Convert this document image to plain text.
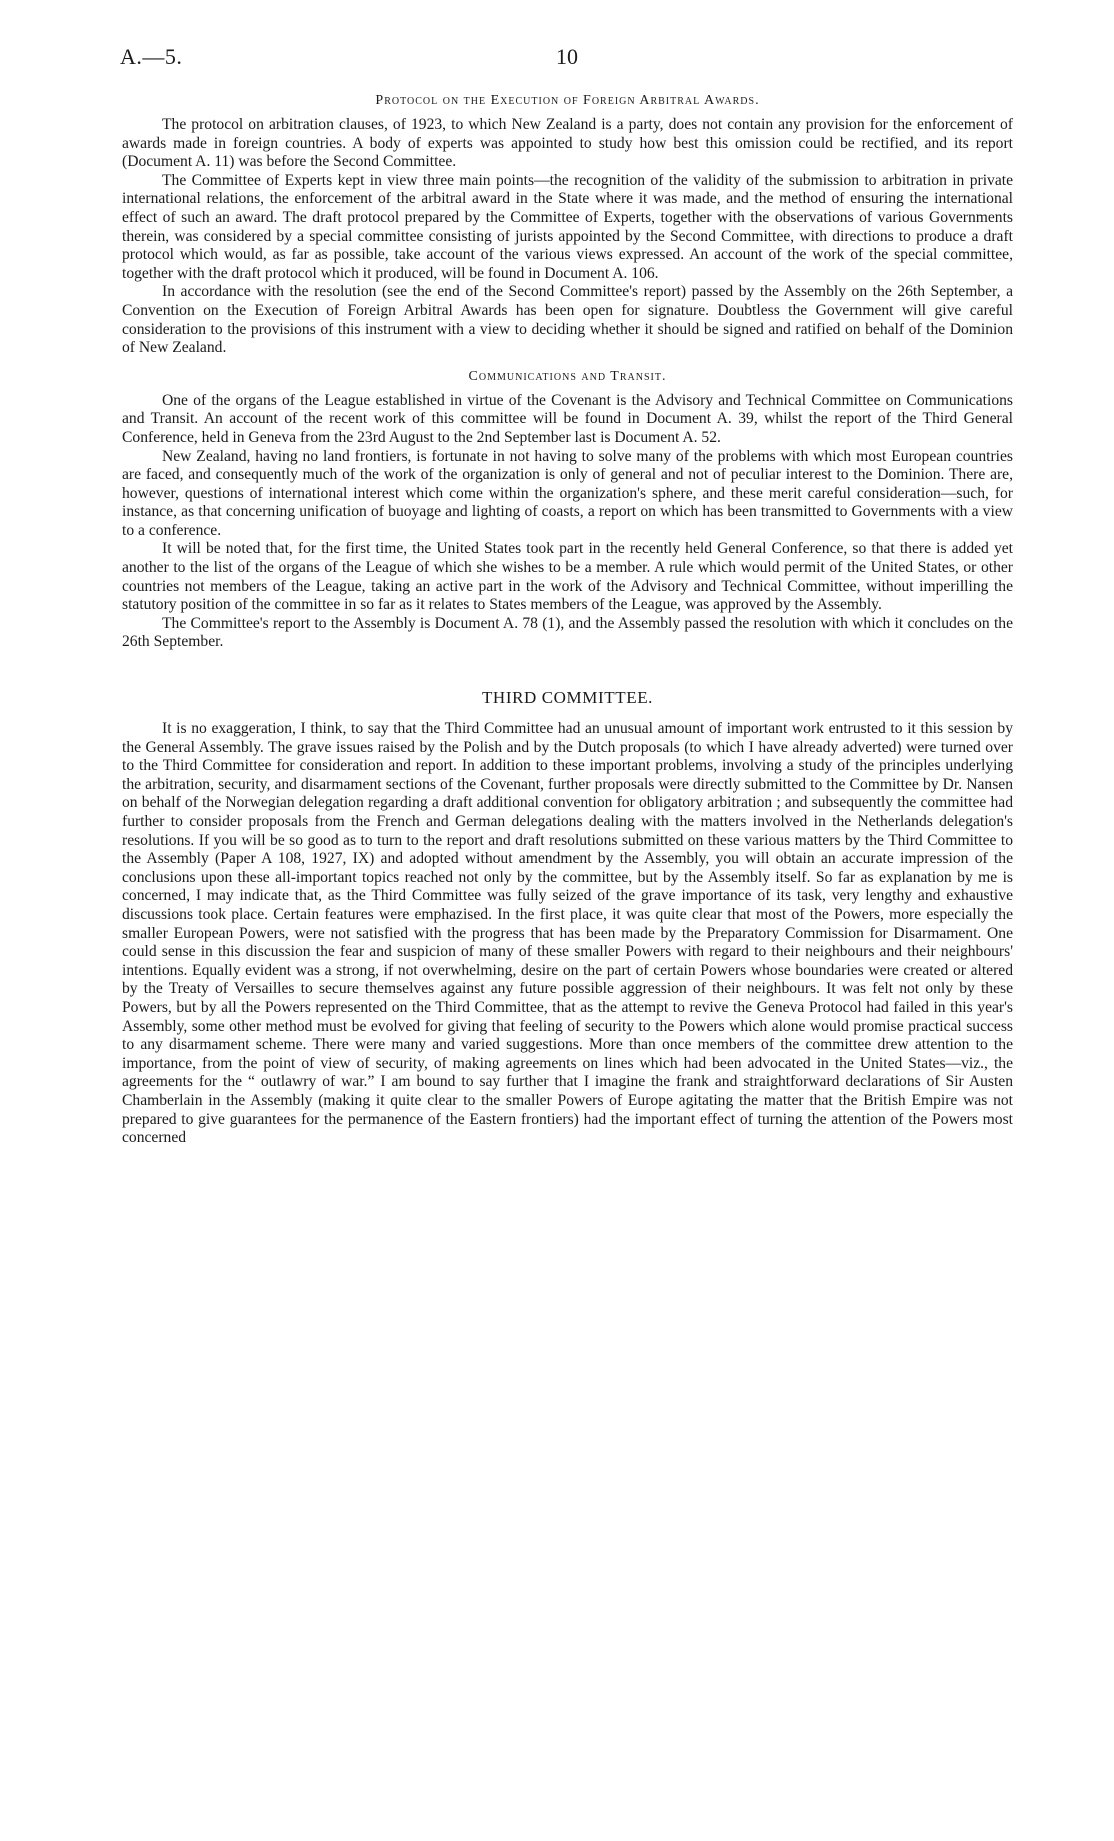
A.—5.	10
Protocol on the Execution of Foreign Arbitral Awards.

The protocol on arbitration clauses, of 1923, to which New Zealand is a party, does not contain any provision for the enforcement of awards made in foreign countries. A body of experts was appointed to study how best this omission could be rectified, and its report (Document A. 11) was before the Second Committee.

The Committee of Experts kept in view three main points—the recognition of the validity of the submission to arbitration in private international relations, the enforcement of the arbitral award in the State where it was made, and the method of ensuring the international effect of such an award. The draft protocol prepared by the Committee of Experts, together with the observations of various Governments therein, was considered by a special committee consisting of jurists appointed by the Second Committee, with directions to produce a draft protocol which would, as far as possible, take account of the various views expressed. An account of the work of the special committee, together with the draft protocol which it produced, will be found in Document A. 106.

In accordance with the resolution (see the end of the Second Committee's report) passed by the Assembly on the 26th September, a Convention on the Execution of Foreign Arbitral Awards has been open for signature. Doubtless the Government will give careful consideration to the provisions of this instrument with a view to deciding whether it should be signed and ratified on behalf of the Dominion of New Zealand.

Communications and Transit.

One of the organs of the League established in virtue of the Covenant is the Advisory and Technical Committee on Communications and Transit. An account of the recent work of this committee will be found in Document A. 39, whilst the report of the Third General Conference, held in Geneva from the 23rd August to the 2nd September last is Document A. 52.

New Zealand, having no land frontiers, is fortunate in not having to solve many of the problems with which most European countries are faced, and consequently much of the work of the organization is only of general and not of peculiar interest to the Dominion. There are, however, questions of international interest which come within the organization's sphere, and these merit careful consideration—such, for instance, as that concerning unification of buoyage and lighting of coasts, a report on which has been transmitted to Governments with a view to a conference.

It will be noted that, for the first time, the United States took part in the recently held General Conference, so that there is added yet another to the list of the organs of the League of which she wishes to be a member. A rule which would permit of the United States, or other countries not members of the League, taking an active part in the work of the Advisory and Technical Committee, without imperilling the statutory position of the committee in so far as it relates to States members of the League, was approved by the Assembly.

The Committee's report to the Assembly is Document A. 78 (1), and the Assembly passed the resolution with which it concludes on the 26th September.

THIRD COMMITTEE.

It is no exaggeration, I think, to say that the Third Committee had an unusual amount of important work entrusted to it this session by the General Assembly. The grave issues raised by the Polish and by the Dutch proposals (to which I have already adverted) were turned over to the Third Committee for consideration and report. In addition to these important problems, involving a study of the principles underlying the arbitration, security, and disarmament sections of the Covenant, further proposals were directly submitted to the Committee by Dr. Nansen on behalf of the Norwegian delegation regarding a draft additional convention for obligatory arbitration ; and subsequently the committee had further to consider proposals from the French and German delegations dealing with the matters involved in the Netherlands delegation's resolutions. If you will be so good as to turn to the report and draft resolutions submitted on these various matters by the Third Committee to the Assembly (Paper A 108, 1927, IX) and adopted without amendment by the Assembly, you will obtain an accurate impression of the conclusions upon these all-important topics reached not only by the committee, but by the Assembly itself. So far as explanation by me is concerned, I may indicate that, as the Third Committee was fully seized of the grave importance of its task, very lengthy and exhaustive discussions took place. Certain features were emphazised. In the first place, it was quite clear that most of the Powers, more especially the smaller European Powers, were not satisfied with the progress that has been made by the Preparatory Commission for Disarmament. One could sense in this discussion the fear and suspicion of many of these smaller Powers with regard to their neighbours and their neighbours' intentions. Equally evident was a strong, if not overwhelming, desire on the part of certain Powers whose boundaries were created or altered by the Treaty of Versailles to secure themselves against any future possible aggression of their neighbours. It was felt not only by these Powers, but by all the Powers represented on the Third Committee, that as the attempt to revive the Geneva Protocol had failed in this year's Assembly, some other method must be evolved for giving that feeling of security to the Powers which alone would promise practical success to any disarmament scheme. There were many and varied suggestions. More than once members of the committee drew attention to the importance, from the point of view of security, of making agreements on lines which had been advocated in the United States—viz., the agreements for the “ outlawry of war.” I am bound to say further that I imagine the frank and straightforward declarations of Sir Austen Chamberlain in the Assembly (making it quite clear to the smaller Powers of Europe agitating the matter that the British Empire was not prepared to give guarantees for the permanence of the Eastern frontiers) had the important effect of turning the attention of the Powers most concerned
